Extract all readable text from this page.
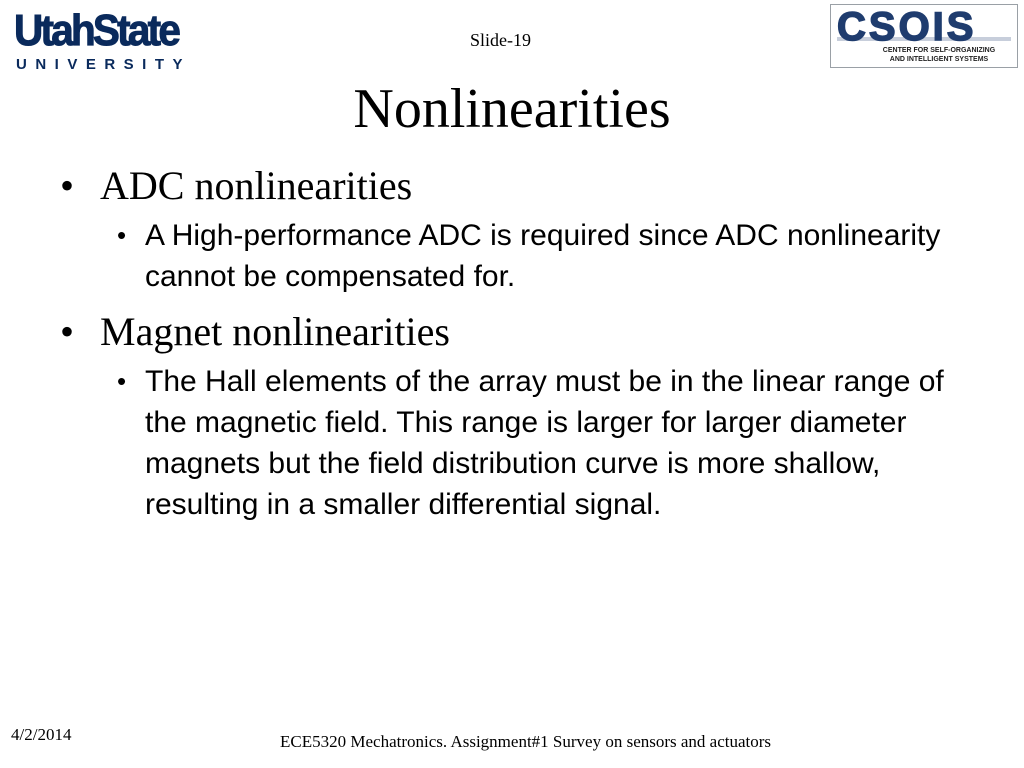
UtahState
UNIVERSITY
Slide-19	CSOIS
CENTER FOR SELF-ORGANIZING
AND INTELLIGENT SYSTEMS
Nonlinearities
• ADC nonlinearities
• A High-performance ADC is required since ADC nonlinearity cannot be compensated for.
• Magnet nonlinearities
• The Hall elements of the array must be in the linear range of the magnetic field. This range is larger for larger diameter magnets but the field distribution curve is more shallow, resulting in a smaller differential signal.
4/2/2014	ECE5320 Mechatronics. Assignment#1 Survey on sensors and actuators
